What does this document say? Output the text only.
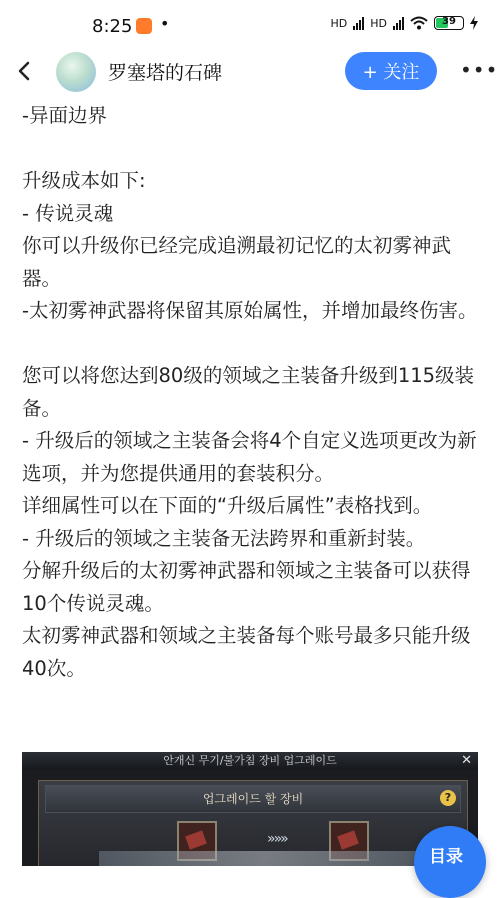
8:25 •	HD HD	39
罗塞塔的石碑	+ 关注	•••

-异面边界

升级成本如下:

- 传说灵魂

你可以升级你已经完成追溯最初记忆的太初雾神武器。

-太初雾神武器将保留其原始属性，并增加最终伤害。

您可以将您达到80级的领域之主装备升级到115级装备。

- 升级后的领域之主装备会将4个自定义选项更改为新选项，并为您提供通用的套装积分。

详细属性可以在下面的“升级后属性”表格找到。

- 升级后的领域之主装备无法跨界和重新封装。

分解升级后的太初雾神武器和领域之主装备可以获得10个传说灵魂。

太初雾神武器和领域之主装备每个账号最多只能升级40次。

안개신 무기/불가침 장비 업그레이드	✕
업그레이드 할 장비	?
»»»
目录
